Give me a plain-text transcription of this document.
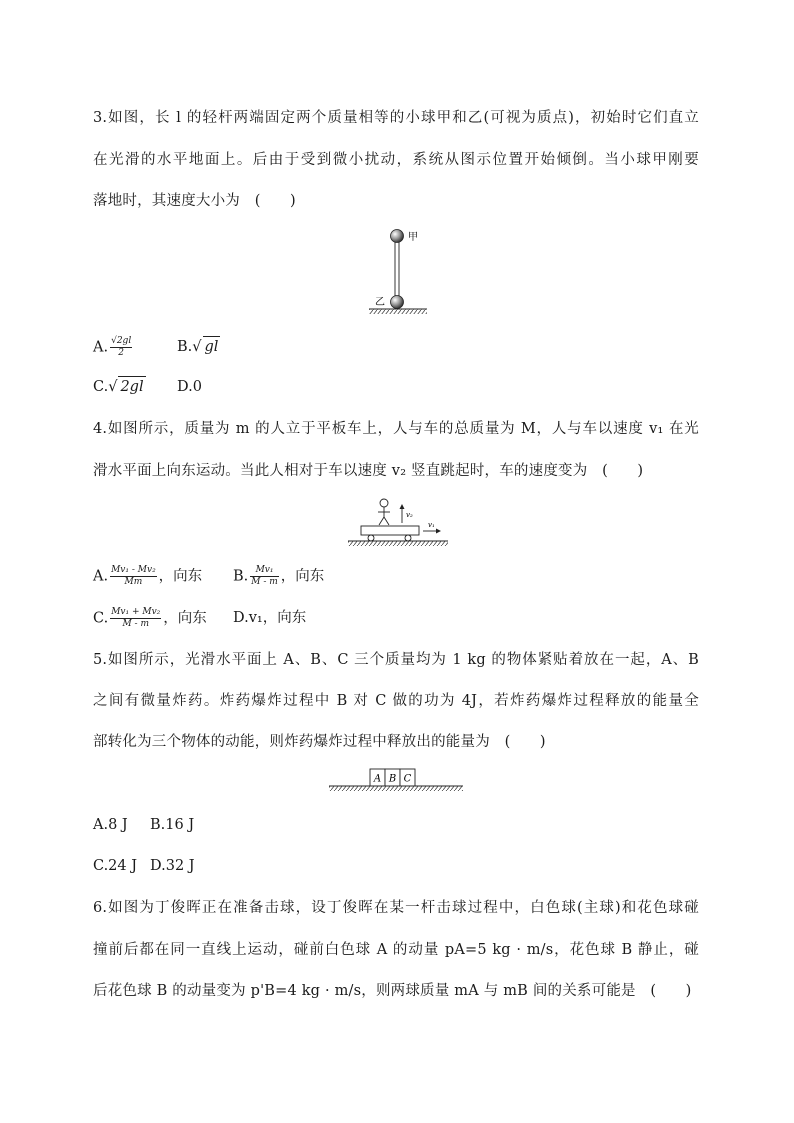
3.如图，长 l 的轻杆两端固定两个质量相等的小球甲和乙(可视为质点)，初始时它们直立
在光滑的水平地面上。后由于受到微小扰动，系统从图示位置开始倾倒。当小球甲刚要
落地时，其速度大小为　(　　)
甲
乙
A. $\frac{√2gl}{2}$	B.√ gl
C.√ 2gl D.0
4.如图所示，质量为 m 的人立于平板车上，人与车的总质量为 M，人与车以速度 v₁ 在光
滑水平面上向东运动。当此人相对于车以速度 v₂ 竖直跳起时，车的速度变为　(　　)
v₂
v₁
A. $\frac{\text{Mv₁ - Mv₂}}{Mm}$ ，向东 B. $\frac{\text{Mv₁}}{M - m}$ ，向东
C. $\frac{\text{Mv₁ + Mv₂}}{M - m}$ ，向东 D.v₁，向东
5.如图所示，光滑水平面上 A、B、C 三个质量均为 1 kg 的物体紧贴着放在一起，A、B
之间有微量炸药。炸药爆炸过程中 B 对 C 做的功为 4J，若炸药爆炸过程释放的能量全
部转化为三个物体的动能，则炸药爆炸过程中释放出的能量为　(　　)
A B C
A.8 J B.16 J
C.24 J D.32 J
6.如图为丁俊晖正在准备击球，设丁俊晖在某一杆击球过程中，白色球(主球)和花色球碰
撞前后都在同一直线上运动，碰前白色球 A 的动量 pA=5 kg · m/s，花色球 B 静止，碰
后花色球 B 的动量变为 p'B=4 kg · m/s，则两球质量 mA 与 mB 间的关系可能是　(　　)
